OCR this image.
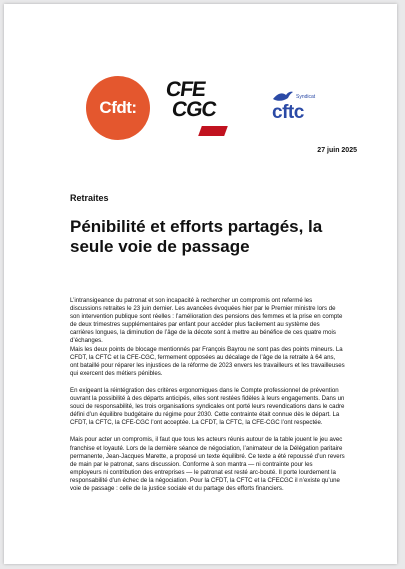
Cfdt:
CFE
CGC
Syndicat
cftc
27 juin 2025
Retraites
Pénibilité et efforts partagés, la seule voie de passage

L’intransigeance du patronat et son incapacité à rechercher un compromis ont refermé les discussions retraites le 23 juin dernier. Les avancées évoquées hier par le Premier ministre lors de son intervention publique sont réelles : l’amélioration des pensions des femmes et la prise en compte de deux trimestres supplémentaires par enfant pour accéder plus facilement au système des carrières longues, la diminution de l’âge de la décote sont à mettre au bénéfice de ces quatre mois d’échanges.

Mais les deux points de blocage mentionnés par François Bayrou ne sont pas des points mineurs. La CFDT, la CFTC et la CFE-CGC, fermement opposées au décalage de l’âge de la retraite à 64 ans, ont bataillé pour réparer les injustices de la réforme de 2023 envers les travailleurs et les travailleuses qui exercent des métiers pénibles.

En exigeant la réintégration des critères ergonomiques dans le Compte professionnel de prévention ouvrant la possibilité à des départs anticipés, elles sont restées fidèles à leurs engagements. Dans un souci de responsabilité, les trois organisations syndicales ont porté leurs revendications dans le cadre défini d’un équilibre budgétaire du régime pour 2030. Cette contrainte était connue dès le départ. La CFDT, la CFTC, la CFE-CGC l’ont acceptée. La CFDT, la CFTC, la CFE-CGC l’ont respectée.

Mais pour acter un compromis, il faut que tous les acteurs réunis autour de la table jouent le jeu avec franchise et loyauté. Lors de la dernière séance de négociation, l’animateur de la Délégation paritaire permanente, Jean-Jacques Marette, a proposé un texte équilibré. Ce texte a été repoussé d’un revers de main par le patronat, sans discussion. Conforme à son mantra — ni contrainte pour les employeurs ni contribution des entreprises — le patronat est resté arc-bouté. Il porte lourdement la responsabilité d’un échec de la négociation. Pour la CFDT, la CFTC et la CFECGC il n’existe qu’une voie de passage : celle de la justice sociale et du partage des efforts financiers.
